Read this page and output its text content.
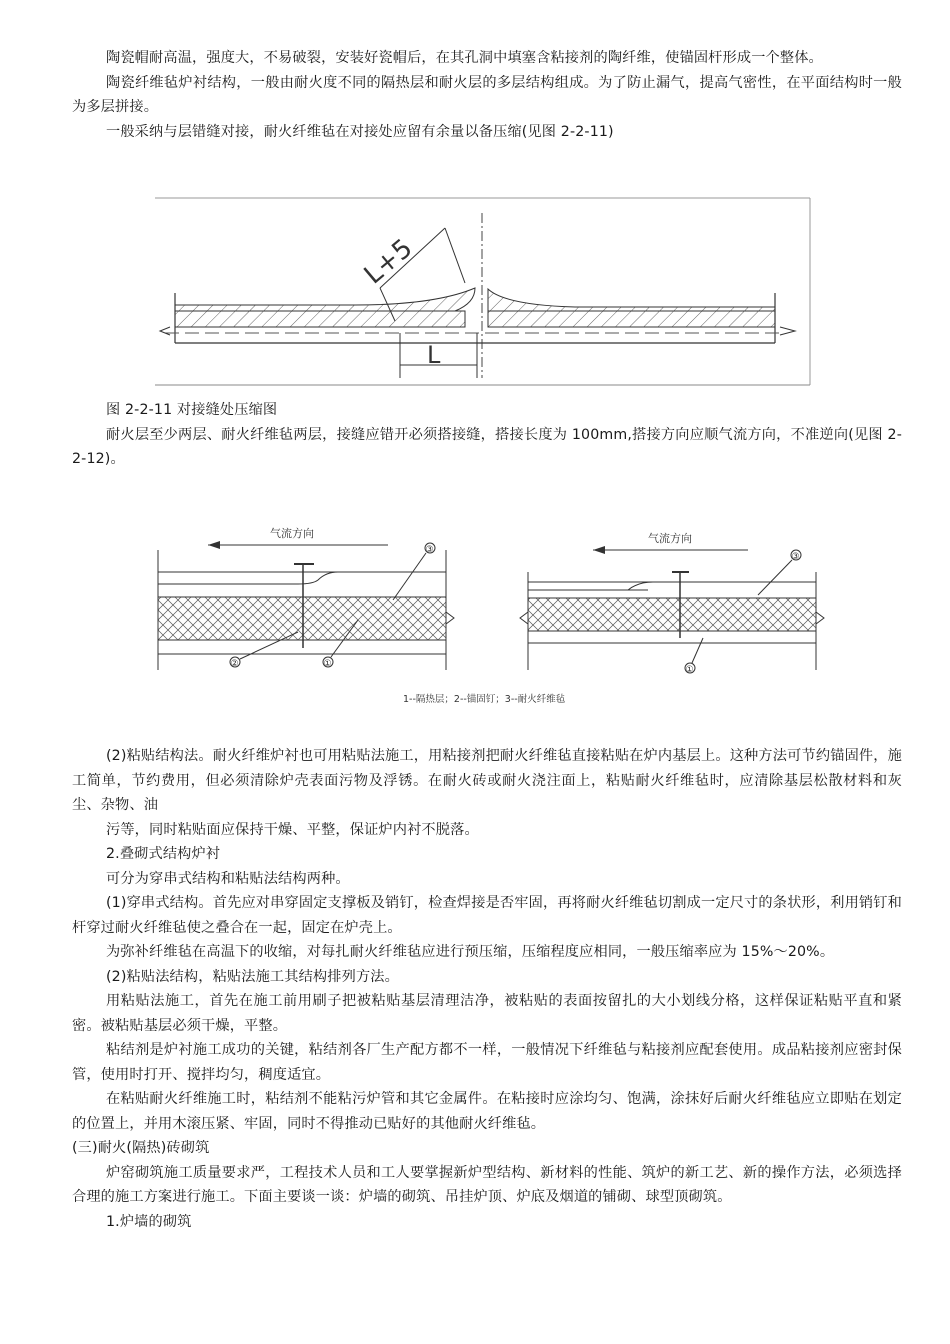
陶瓷帽耐高温，强度大，不易破裂，安装好瓷帽后，在其孔洞中填塞含粘接剂的陶纤维，使锚固杆形成一个整体。

陶瓷纤维毡炉衬结构，一般由耐火度不同的隔热层和耐火层的多层结构组成。为了防止漏气，提高气密性，在平面结构时一般为多层拼接。

一般采纳与层错缝对接，耐火纤维毡在对接处应留有余量以备压缩(见图 2-2-11)

L+5
L

图 2-2-11 对接缝处压缩图

耐火层至少两层、耐火纤维毡两层，接缝应错开必须搭接缝，搭接长度为 100mm,搭接方向应顺气流方向，不准逆向(见图 2-2-12)。

气流方向
③
②	①
气流方向
③
①
1--隔热层；2--锚固钉；3--耐火纤维毡

(2)粘贴结构法。耐火纤维炉衬也可用粘贴法施工，用粘接剂把耐火纤维毡直接粘贴在炉内基层上。这种方法可节约锚固件，施工简单，节约费用，但必须清除炉壳表面污物及浮锈。在耐火砖或耐火浇注面上，粘贴耐火纤维毡时，应清除基层松散材料和灰尘、杂物、油

污等，同时粘贴面应保持干燥、平整，保证炉内衬不脱落。

2.叠砌式结构炉衬

可分为穿串式结构和粘贴法结构两种。

(1)穿串式结构。首先应对串穿固定支撑板及销钉，检查焊接是否牢固，再将耐火纤维毡切割成一定尺寸的条状形，利用销钉和杆穿过耐火纤维毡使之叠合在一起，固定在炉壳上。

为弥补纤维毡在高温下的收缩，对每扎耐火纤维毡应进行预压缩，压缩程度应相同，一般压缩率应为 15%～20%。

(2)粘贴法结构，粘贴法施工其结构排列方法。

用粘贴法施工，首先在施工前用刷子把被粘贴基层清理洁净，被粘贴的表面按留扎的大小划线分格，这样保证粘贴平直和紧密。被粘贴基层必须干燥，平整。

粘结剂是炉衬施工成功的关键，粘结剂各厂生产配方都不一样，一般情况下纤维毡与粘接剂应配套使用。成品粘接剂应密封保管，使用时打开、搅拌均匀，稠度适宜。

在粘贴耐火纤维施工时，粘结剂不能粘污炉管和其它金属件。在粘接时应涂均匀、饱满，涂抹好后耐火纤维毡应立即贴在划定的位置上，并用木滚压紧、牢固，同时不得推动已贴好的其他耐火纤维毡。

(三)耐火(隔热)砖砌筑

炉窑砌筑施工质量要求严，工程技术人员和工人要掌握新炉型结构、新材料的性能、筑炉的新工艺、新的操作方法，必须选择合理的施工方案进行施工。下面主要谈一谈：炉墙的砌筑、吊挂炉顶、炉底及烟道的铺砌、球型顶砌筑。

1.炉墙的砌筑
